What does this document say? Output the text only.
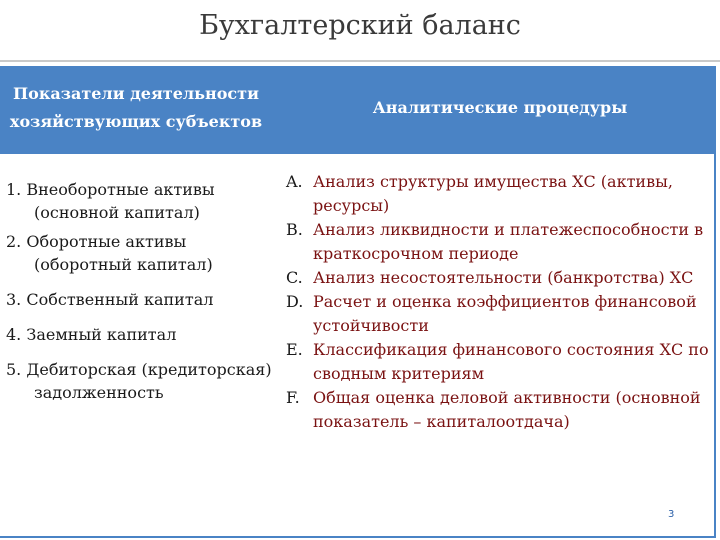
Бухгалтерский баланс
Показатели деятельности
хозяйствующих субъектов
Аналитические процедуры
1. Внеоборотные активы (основной капитал)
2. Оборотные активы (оборотный капитал)
3. Собственный капитал
4. Заемный капитал
5. Дебиторская (кредиторская) задолженность
A. Анализ структуры имущества ХС (активы, ресурсы)
B. Анализ ликвидности и платежеспособности в краткосрочном периоде
C. Анализ несостоятельности (банкротства) ХС
D. Расчет и оценка коэффициентов финансовой устойчивости
E. Классификация финансового состояния ХС по сводным критериям
F. Общая оценка деловой активности (основной показатель – капиталоотдача)
3
